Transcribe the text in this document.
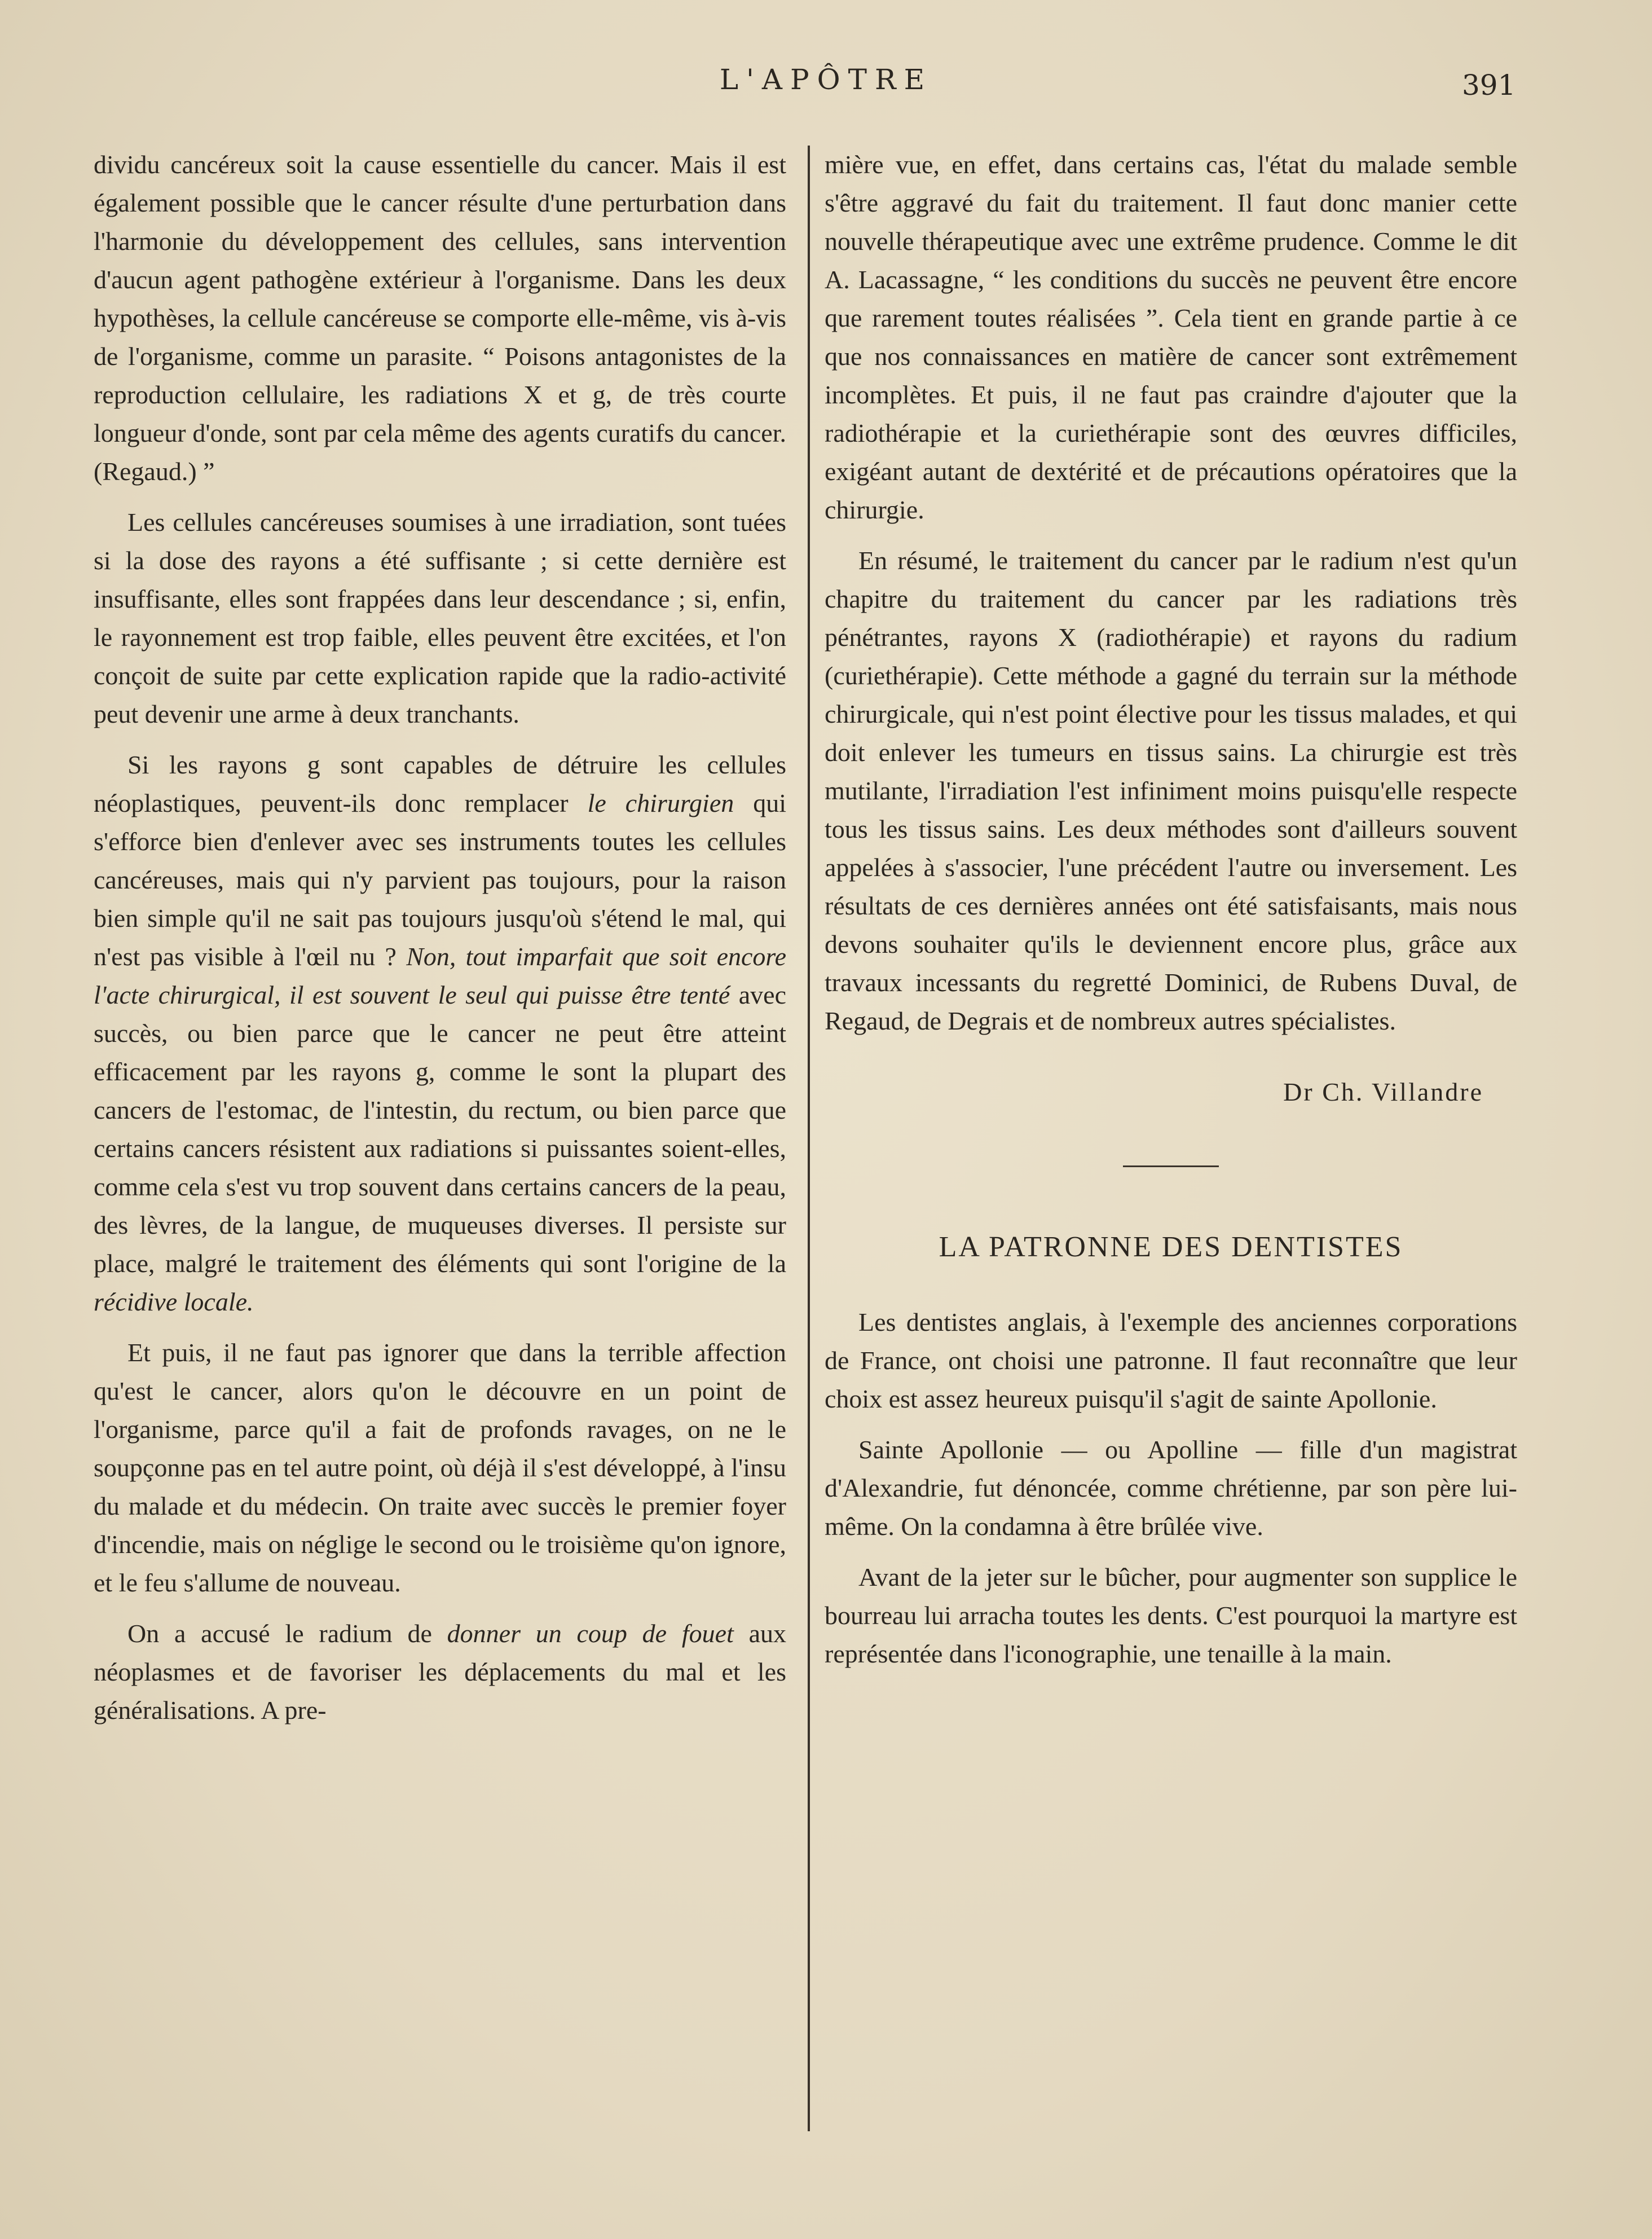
L'APÔTRE	391

dividu cancéreux soit la cause essentielle du cancer. Mais il est également possible que le cancer résulte d'une perturbation dans l'harmonie du développement des cellules, sans intervention d'aucun agent pathogène extérieur à l'organisme. Dans les deux hypothèses, la cellule cancéreuse se comporte elle-même, vis à-vis de l'organisme, comme un parasite. “ Poisons antagonistes de la reproduction cellulaire, les radiations X et g, de très courte longueur d'onde, sont par cela même des agents curatifs du cancer. (Regaud.) ”

Les cellules cancéreuses soumises à une irradiation, sont tuées si la dose des rayons a été suffisante ; si cette dernière est insuffisante, elles sont frappées dans leur descendance ; si, enfin, le rayonnement est trop faible, elles peuvent être excitées, et l'on conçoit de suite par cette explication rapide que la radio-activité peut devenir une arme à deux tranchants.

Si les rayons g sont capables de détruire les cellules néoplastiques, peuvent-ils donc remplacer le chirurgien qui s'efforce bien d'enlever avec ses instruments toutes les cellules cancéreuses, mais qui n'y parvient pas toujours, pour la raison bien simple qu'il ne sait pas toujours jusqu'où s'étend le mal, qui n'est pas visible à l'œil nu ? Non, tout imparfait que soit encore l'acte chirurgical, il est souvent le seul qui puisse être tenté avec succès, ou bien parce que le cancer ne peut être atteint efficacement par les rayons g, comme le sont la plupart des cancers de l'estomac, de l'intestin, du rectum, ou bien parce que certains cancers résistent aux radiations si puissantes soient-elles, comme cela s'est vu trop souvent dans certains cancers de la peau, des lèvres, de la langue, de muqueuses diverses. Il persiste sur place, malgré le traitement des éléments qui sont l'origine de la récidive locale.

Et puis, il ne faut pas ignorer que dans la terrible affection qu'est le cancer, alors qu'on le découvre en un point de l'organisme, parce qu'il a fait de profonds ravages, on ne le soupçonne pas en tel autre point, où déjà il s'est développé, à l'insu du malade et du médecin. On traite avec succès le premier foyer d'incendie, mais on néglige le second ou le troisième qu'on ignore, et le feu s'allume de nouveau.

On a accusé le radium de donner un coup de fouet aux néoplasmes et de favoriser les déplacements du mal et les généralisations. A pre-

mière vue, en effet, dans certains cas, l'état du malade semble s'être aggravé du fait du traitement. Il faut donc manier cette nouvelle thérapeutique avec une extrême prudence. Comme le dit A. Lacassagne, “ les conditions du succès ne peuvent être encore que rarement toutes réalisées ”. Cela tient en grande partie à ce que nos connaissances en matière de cancer sont extrêmement incomplètes. Et puis, il ne faut pas craindre d'ajouter que la radiothérapie et la curiethérapie sont des œuvres difficiles, exigéant autant de dextérité et de précautions opératoires que la chirurgie.

En résumé, le traitement du cancer par le radium n'est qu'un chapitre du traitement du cancer par les radiations très pénétrantes, rayons X (radiothérapie) et rayons du radium (curiethérapie). Cette méthode a gagné du terrain sur la méthode chirurgicale, qui n'est point élective pour les tissus malades, et qui doit enlever les tumeurs en tissus sains. La chirurgie est très mutilante, l'irradiation l'est infiniment moins puisqu'elle respecte tous les tissus sains. Les deux méthodes sont d'ailleurs souvent appelées à s'associer, l'une précédent l'autre ou inversement. Les résultats de ces dernières années ont été satisfaisants, mais nous devons souhaiter qu'ils le deviennent encore plus, grâce aux travaux incessants du regretté Dominici, de Rubens Duval, de Regaud, de Degrais et de nombreux autres spécialistes.

Dr Ch. Villandre
LA PATRONNE DES DENTISTES

Les dentistes anglais, à l'exemple des anciennes corporations de France, ont choisi une patronne. Il faut reconnaître que leur choix est assez heureux puisqu'il s'agit de sainte Apollonie.

Sainte Apollonie — ou Apolline — fille d'un magistrat d'Alexandrie, fut dénoncée, comme chrétienne, par son père lui-même. On la condamna à être brûlée vive.

Avant de la jeter sur le bûcher, pour augmenter son supplice le bourreau lui arracha toutes les dents. C'est pourquoi la martyre est représentée dans l'iconographie, une tenaille à la main.
